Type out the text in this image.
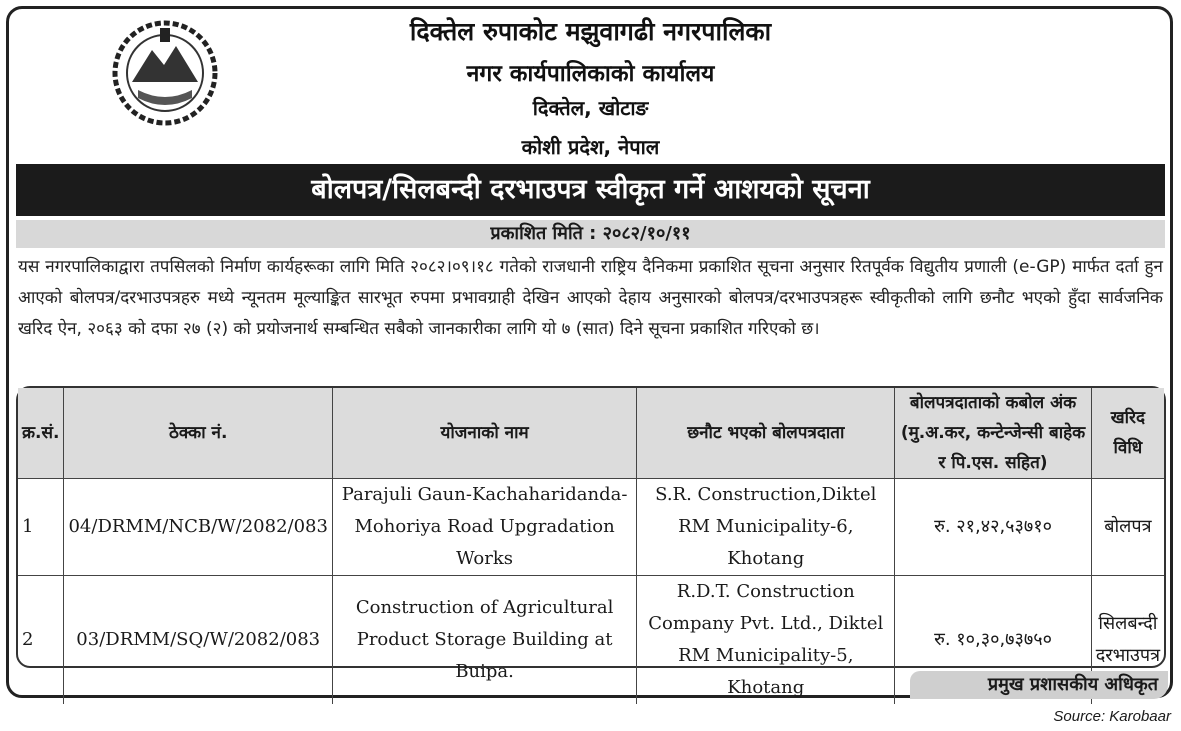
दिक्तेल रुपाकोट मझुवागढी नगरपालिका
नगर कार्यपालिकाको कार्यालय
दिक्तेल, खोटाङ
कोशी प्रदेश, नेपाल
बोलपत्र/सिलबन्दी दरभाउपत्र स्वीकृत गर्ने आशयको सूचना
प्रकाशित मिति : २०८२/१०/११
यस नगरपालिकाद्वारा तपसिलको निर्माण कार्यहरूका लागि मिति २०८२।०९।१८ गतेको राजधानी राष्ट्रिय दैनिकमा प्रकाशित सूचना अनुसार रितपूर्वक विद्युतीय प्रणाली (e-GP) मार्फत दर्ता हुन आएको बोलपत्र/दरभाउपत्रहरु मध्ये न्यूनतम मूल्याङ्कित सारभूत रुपमा प्रभावग्राही देखिन आएको देहाय अनुसारको बोलपत्र/दरभाउपत्रहरू स्वीकृतीको लागि छनौट भएको हुँदा सार्वजनिक खरिद ऐन, २०६३ को दफा २७ (२) को प्रयोजनार्थ सम्बन्धित सबैको जानकारीका लागि यो ७ (सात) दिने सूचना प्रकाशित गरिएको छ।
क्र.सं.	ठेक्का नं.	योजनाको नाम	छनौट भएको बोलपत्रदाता	बोलपत्रदाताको कबोल अंक (मु.अ.कर, कन्टेन्जेन्सी बाहेक र पि.एस. सहित)	खरिद विधि
1	04/DRMM/NCB/W/2082/083	Parajuli Gaun-Kachaharidanda-Mohoriya Road Upgradation Works	S.R. Construction,Diktel RM Municipality-6, Khotang	रु. २१,४२,५३७१०	बोलपत्र
2	03/DRMM/SQ/W/2082/083	Construction of Agricultural Product Storage Building at Buipa.	R.D.T. Construction Company Pvt. Ltd., Diktel RM Municipality-5, Khotang	रु. १०,३०,७३७५०	सिलबन्दी दरभाउपत्र
प्रमुख प्रशासकीय अधिकृत
Source: Karobaar
